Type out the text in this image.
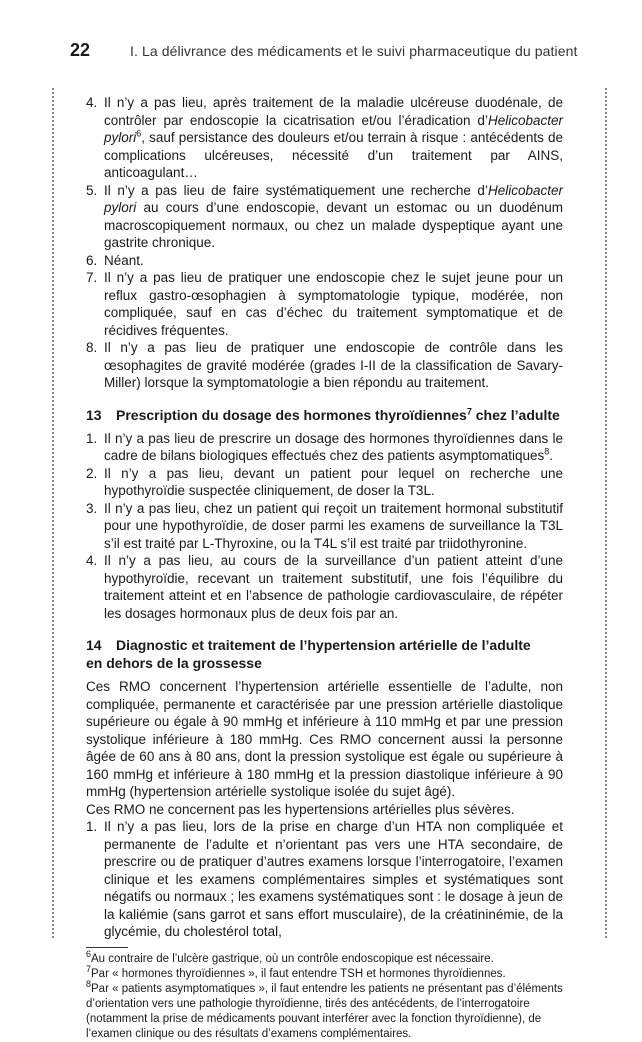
22	I. La délivrance des médicaments et le suivi pharmaceutique du patient
4. Il n’y a pas lieu, après traitement de la maladie ulcéreuse duodénale, de contrôler par endoscopie la cicatrisation et/ou l’éradication d’Helicobacter pylori$^6$, sauf persistance des douleurs et/ou terrain à risque : antécédents de complications ulcéreuses, nécessité d’un traitement par AINS, anticoagulant…
5. Il n’y a pas lieu de faire systématiquement une recherche d’Helicobacter pylori au cours d’une endoscopie, devant un estomac ou un duodénum macroscopiquement normaux, ou chez un malade dyspeptique ayant une gastrite chronique.
6. Néant.
7. Il n’y a pas lieu de pratiquer une endoscopie chez le sujet jeune pour un reflux gastro-œsophagien à symptomatologie typique, modérée, non compliquée, sauf en cas d’échec du traitement symptomatique et de récidives fréquentes.
8. Il n’y a pas lieu de pratiquer une endoscopie de contrôle dans les œsophagites de gravité modérée (grades I-II de la classification de Savary-Miller) lorsque la symptomatologie a bien répondu au traitement.
13 Prescription du dosage des hormones thyroïdiennes$^7$ chez l’adulte
1. Il n’y a pas lieu de prescrire un dosage des hormones thyroïdiennes dans le cadre de bilans biologiques effectués chez des patients asymptomatiques$^8$.
2. Il n’y a pas lieu, devant un patient pour lequel on recherche une hypothyroïdie suspectée cliniquement, de doser la T3L.
3. Il n’y a pas lieu, chez un patient qui reçoit un traitement hormonal substitutif pour une hypothyroïdie, de doser parmi les examens de surveillance la T3L s’il est traité par L-Thyroxine, ou la T4L s’il est traité par triidothyronine.
4. Il n’y a pas lieu, au cours de la surveillance d’un patient atteint d’une hypothyroïdie, recevant un traitement substitutif, une fois l’équilibre du traitement atteint et en l’absence de pathologie cardiovasculaire, de répéter les dosages hormonaux plus de deux fois par an.
14 Diagnostic et traitement de l’hypertension artérielle de l’adulte
en dehors de la grossesse

Ces RMO concernent l’hypertension artérielle essentielle de l’adulte, non compliquée, permanente et caractérisée par une pression artérielle diastolique supérieure ou égale à 90 mmHg et inférieure à 110 mmHg et par une pression systolique inférieure à 180 mmHg. Ces RMO concernent aussi la personne âgée de 60 ans à 80 ans, dont la pression systolique est égale ou supérieure à 160 mmHg et inférieure à 180 mmHg et la pression diastolique inférieure à 90 mmHg (hypertension artérielle systolique isolée du sujet âgé).

Ces RMO ne concernent pas les hypertensions artérielles plus sévères.

1. Il n’y a pas lieu, lors de la prise en charge d’un HTA non compliquée et permanente de l’adulte et n’orientant pas vers une HTA secondaire, de prescrire ou de pratiquer d’autres examens lorsque l’interrogatoire, l’examen clinique et les examens complémentaires simples et systématiques sont négatifs ou normaux ; les examens systématiques sont : le dosage à jeun de la kaliémie (sans garrot et sans effort musculaire), de la créatininémie, de la glycémie, du cholestérol total,

$^6$Au contraire de l’ulcère gastrique, où un contrôle endoscopique est nécessaire.

$^7$Par « hormones thyroïdiennes », il faut entendre TSH et hormones thyroïdiennes.

$^8$Par « patients asymptomatiques », il faut entendre les patients ne présentant pas d’éléments d’orientation vers une pathologie thyroïdienne, tirés des antécédents, de l’interrogatoire (notamment la prise de médicaments pouvant interférer avec la fonction thyroïdienne), de l’examen clinique ou des résultats d’examens complémentaires.
